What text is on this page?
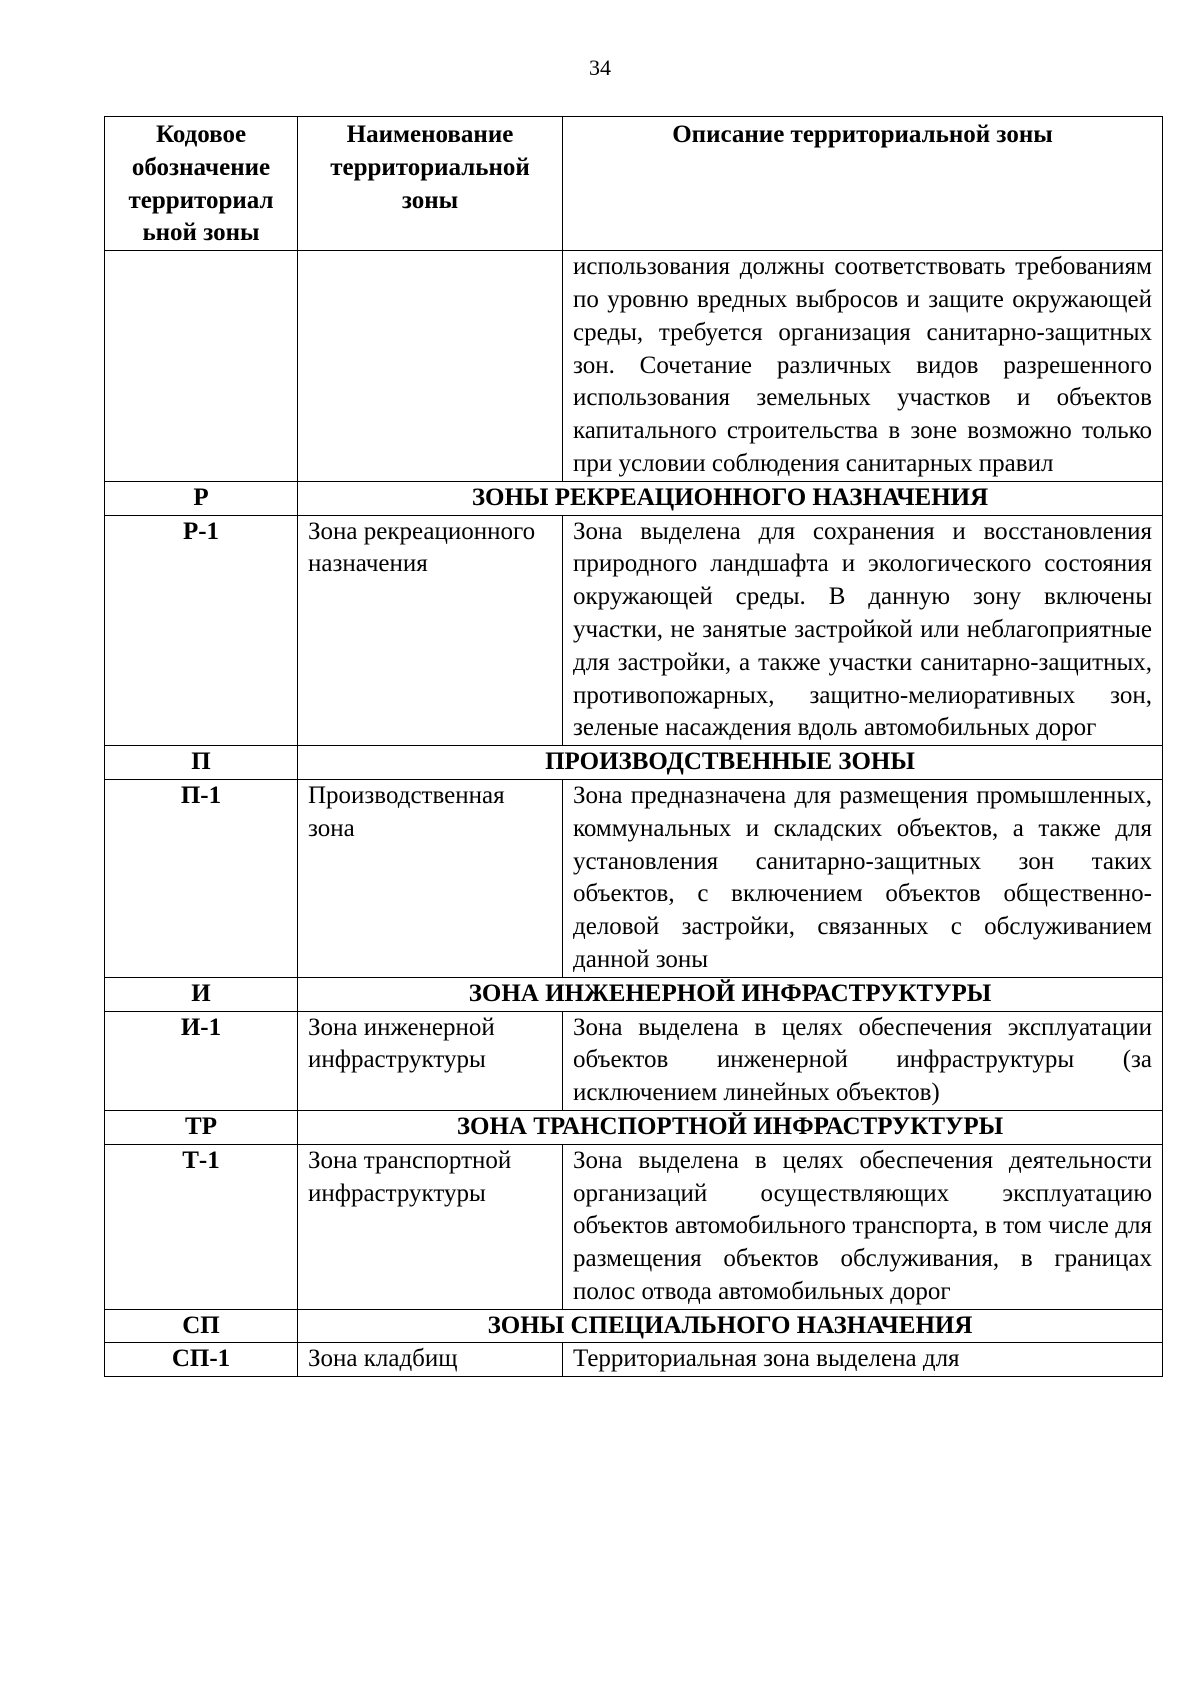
34
Кодовое обозначение территориал ьной зоны	Наименование территориальной зоны	Описание территориальной зоны
		использования должны соответствовать требованиям по уровню вредных выбросов и защите окружающей среды, требуется организация санитарно-защитных зон. Сочетание различных видов разрешенного использования земельных участков и объектов капитального строительства в зоне возможно только при условии соблюдения санитарных правил
Р	ЗОНЫ РЕКРЕАЦИОННОГО НАЗНАЧЕНИЯ	
Р-1	Зона рекреационного назначения	Зона выделена для сохранения и восстановления природного ландшафта и экологического состояния окружающей среды. В данную зону включены участки, не занятые застройкой или неблагоприятные для застройки, а также участки санитарно-защитных, противопожарных, защитно-мелиоративных зон, зеленые насаждения вдоль автомобильных дорог
П	ПРОИЗВОДСТВЕННЫЕ ЗОНЫ	
П-1	Производственная зона	Зона предназначена для размещения промышленных, коммунальных и складских объектов, а также для установления санитарно-защитных зон таких объектов, с включением объектов общественно-деловой застройки, связанных с обслуживанием данной зоны
И	ЗОНА ИНЖЕНЕРНОЙ ИНФРАСТРУКТУРЫ	
И-1	Зона инженерной инфраструктуры	Зона выделена в целях обеспечения эксплуатации объектов инженерной инфраструктуры (за исключением линейных объектов)
ТР	ЗОНА ТРАНСПОРТНОЙ ИНФРАСТРУКТУРЫ	
Т-1	Зона транспортной инфраструктуры	Зона выделена в целях обеспечения деятельности организаций осуществляющих эксплуатацию объектов автомобильного транспорта, в том числе для размещения объектов обслуживания, в границах полос отвода автомобильных дорог
СП	ЗОНЫ СПЕЦИАЛЬНОГО НАЗНАЧЕНИЯ	
СП-1	Зона кладбищ	Территориальная зона выделена для
